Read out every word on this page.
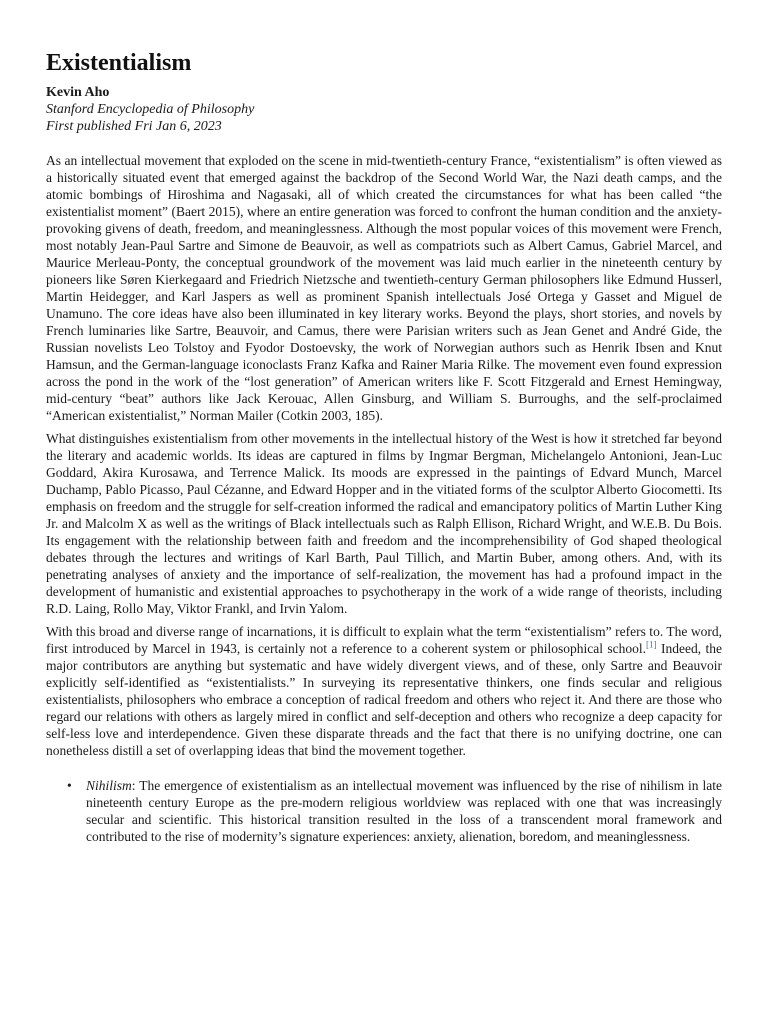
Existentialism

Kevin Aho

Stanford Encyclopedia of Philosophy

First published Fri Jan 6, 2023

As an intellectual movement that exploded on the scene in mid-twentieth-century France, “existentialism” is often viewed as a historically situated event that emerged against the backdrop of the Second World War, the Nazi death camps, and the atomic bombings of Hiroshima and Nagasaki, all of which created the circumstances for what has been called “the existentialist moment” (Baert 2015), where an entire generation was forced to confront the human condition and the anxiety-provoking givens of death, freedom, and meaninglessness. Although the most popular voices of this movement were French, most notably Jean-Paul Sartre and Simone de Beauvoir, as well as compatriots such as Albert Camus, Gabriel Marcel, and Maurice Merleau-Ponty, the conceptual groundwork of the movement was laid much earlier in the nineteenth century by pioneers like Søren Kierkegaard and Friedrich Nietzsche and twentieth-century German philosophers like Edmund Husserl, Martin Heidegger, and Karl Jaspers as well as prominent Spanish intellectuals José Ortega y Gasset and Miguel de Unamuno. The core ideas have also been illuminated in key literary works. Beyond the plays, short stories, and novels by French luminaries like Sartre, Beauvoir, and Camus, there were Parisian writers such as Jean Genet and André Gide, the Russian novelists Leo Tolstoy and Fyodor Dostoevsky, the work of Norwegian authors such as Henrik Ibsen and Knut Hamsun, and the German-language iconoclasts Franz Kafka and Rainer Maria Rilke. The movement even found expression across the pond in the work of the “lost generation” of American writers like F. Scott Fitzgerald and Ernest Hemingway, mid-century “beat” authors like Jack Kerouac, Allen Ginsburg, and William S. Burroughs, and the self-proclaimed “American existentialist,” Norman Mailer (Cotkin 2003, 185).

What distinguishes existentialism from other movements in the intellectual history of the West is how it stretched far beyond the literary and academic worlds. Its ideas are captured in films by Ingmar Bergman, Michelangelo Antonioni, Jean-Luc Goddard, Akira Kurosawa, and Terrence Malick. Its moods are expressed in the paintings of Edvard Munch, Marcel Duchamp, Pablo Picasso, Paul Cézanne, and Edward Hopper and in the vitiated forms of the sculptor Alberto Giocometti. Its emphasis on freedom and the struggle for self-creation informed the radical and emancipatory politics of Martin Luther King Jr. and Malcolm X as well as the writings of Black intellectuals such as Ralph Ellison, Richard Wright, and W.E.B. Du Bois. Its engagement with the relationship between faith and freedom and the incomprehensibility of God shaped theological debates through the lectures and writings of Karl Barth, Paul Tillich, and Martin Buber, among others. And, with its penetrating analyses of anxiety and the importance of self-realization, the movement has had a profound impact in the development of humanistic and existential approaches to psychotherapy in the work of a wide range of theorists, including R.D. Laing, Rollo May, Viktor Frankl, and Irvin Yalom.

With this broad and diverse range of incarnations, it is difficult to explain what the term “existentialism” refers to. The word, first introduced by Marcel in 1943, is certainly not a reference to a coherent system or philosophical school.[1] Indeed, the major contributors are anything but systematic and have widely divergent views, and of these, only Sartre and Beauvoir explicitly self-identified as “existentialists.” In surveying its representative thinkers, one finds secular and religious existentialists, philosophers who embrace a conception of radical freedom and others who reject it. And there are those who regard our relations with others as largely mired in conflict and self-deception and others who recognize a deep capacity for self-less love and interdependence. Given these disparate threads and the fact that there is no unifying doctrine, one can nonetheless distill a set of overlapping ideas that bind the movement together.

• Nihilism: The emergence of existentialism as an intellectual movement was influenced by the rise of nihilism in late nineteenth century Europe as the pre-modern religious worldview was replaced with one that was increasingly secular and scientific. This historical transition resulted in the loss of a transcendent moral framework and contributed to the rise of modernity’s signature experiences: anxiety, alienation, boredom, and meaninglessness.
